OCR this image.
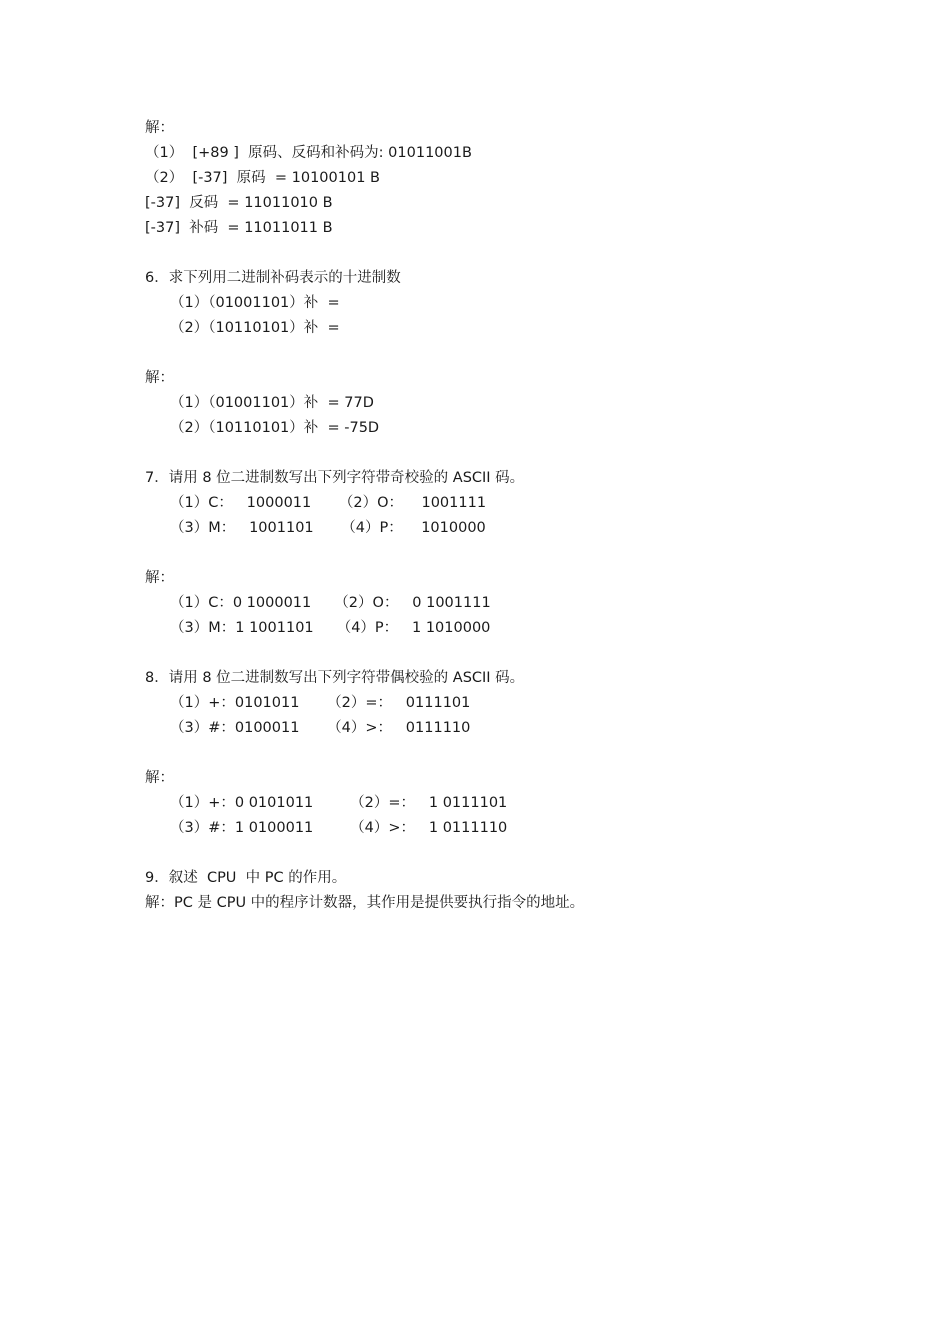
解：
（1）  [+89 ]  原码、反码和补码为: 01011001B
（2）  [-37]  原码  = 10100101 B
[-37]  反码  = 11011010 B
[-37]  补码  = 11011011 B
6．求下列用二进制补码表示的十进制数
（1）（01001101）补  =
（2）（10110101）补  =
解：
（1）（01001101）补  = 77D
（2）（10110101）补  = -75D
7．请用 8 位二进制数写出下列字符带奇校验的 ASCII 码。
（1）C：   1000011      （2）O：    1001111
（3）M：   1001101      （4）P：    1010000
解：
（1）C：0 1000011     （2）O：   0 1001111
（3）M：1 1001101     （4）P：   1 1010000
8．请用 8 位二进制数写出下列字符带偶校验的 ASCII 码。
（1）+：0101011      （2）=：   0111101
（3）#：0100011      （4）>：   0111110
解：
（1）+：0 0101011        （2）=：   1 0111101
（3）#：1 0100011        （4）>：   1 0111110
9．叙述  CPU  中 PC 的作用。
解：PC 是 CPU 中的程序计数器，其作用是提供要执行指令的地址。
